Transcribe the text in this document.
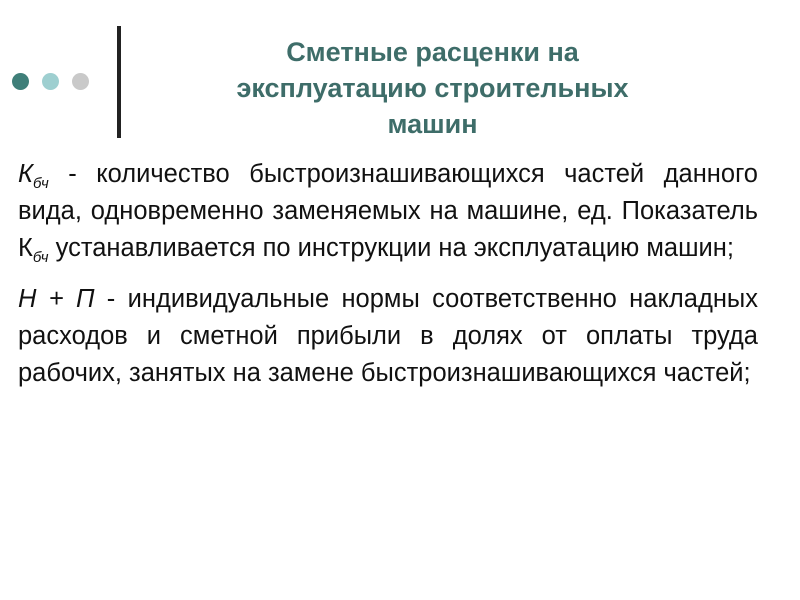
Сметные расценки на
эксплуатацию строительных
машин

$К_{бч}$ - количество быстроизнашивающихся частей данного вида, одновременно заменяемых на машине, ед. Показатель $К_{бч}$ устанавливается по инструкции на эксплуатацию машин;

Н + П - индивидуальные нормы соответственно накладных расходов и сметной прибыли в долях от оплаты труда рабочих, занятых на замене быстроизнашивающихся частей;
